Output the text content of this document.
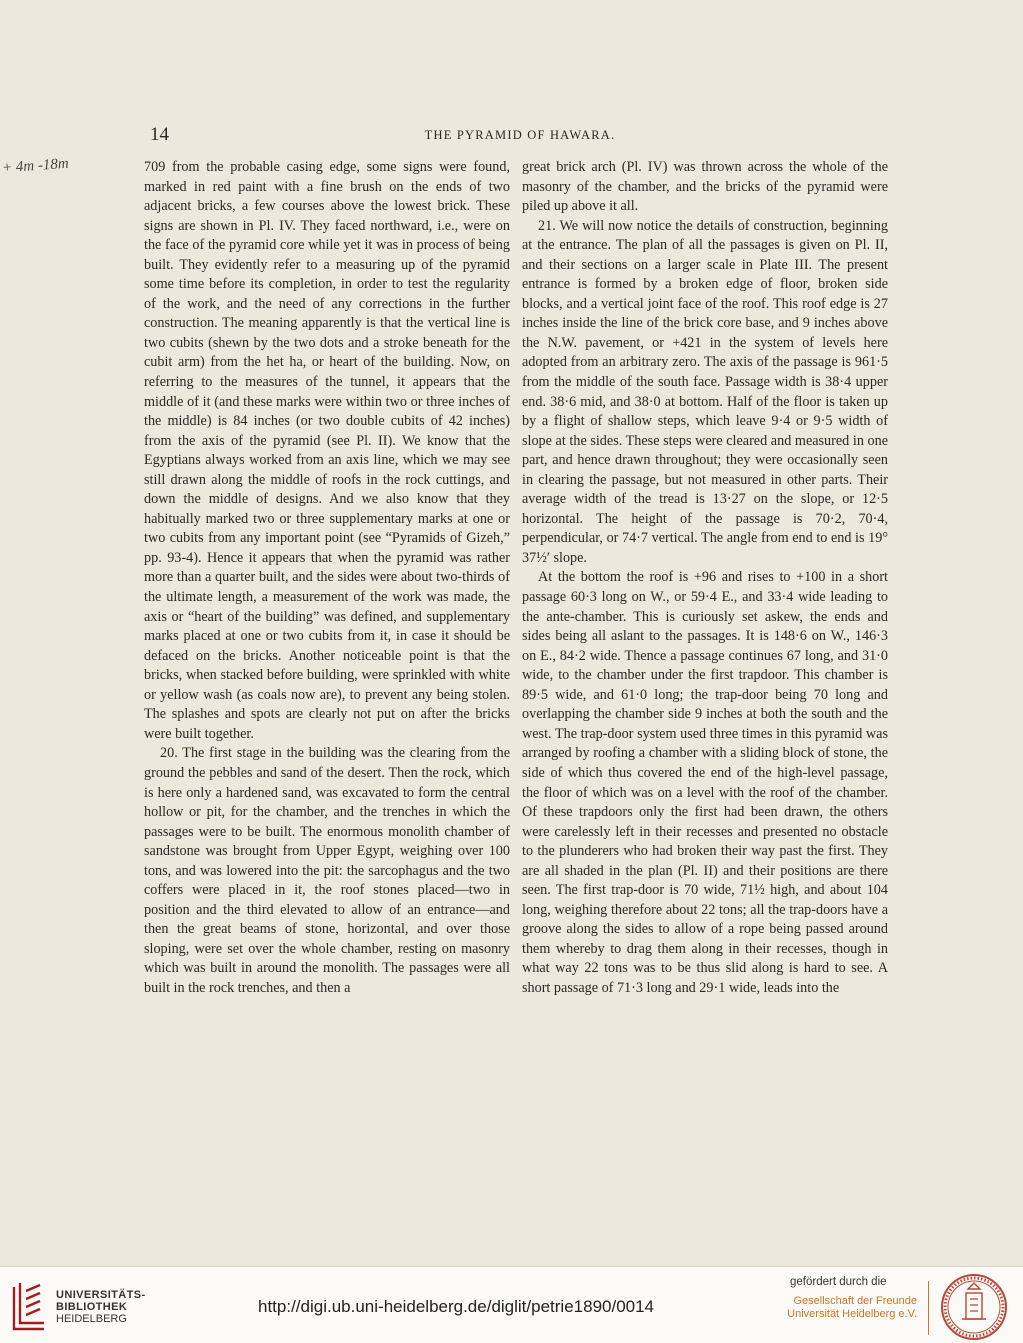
14	THE PYRAMID OF HAWARA.
+ 4m -18m	709 from the probable casing edge, some signs were found, marked in red paint with a fine brush on the ends of two adjacent bricks, a few courses above the lowest brick. These signs are shown in Pl. IV. They faced northward, i.e., were on the face of the pyramid core while yet it was in process of being built. They evidently refer to a measuring up of the pyramid some time before its completion, in order to test the regularity of the work, and the need of any corrections in the further construction. The meaning apparently is that the vertical line is two cubits (shewn by the two dots and a stroke beneath for the cubit arm) from the het ha, or heart of the building. Now, on referring to the measures of the tunnel, it appears that the middle of it (and these marks were within two or three inches of the middle) is 84 inches (or two double cubits of 42 inches) from the axis of the pyramid (see Pl. II). We know that the Egyptians always worked from an axis line, which we may see still drawn along the middle of roofs in the rock cuttings, and down the middle of designs. And we also know that they habitually marked two or three supplementary marks at one or two cubits from any important point (see “Pyramids of Gizeh,” pp. 93-4). Hence it appears that when the pyramid was rather more than a quarter built, and the sides were about two-thirds of the ultimate length, a measurement of the work was made, the axis or “heart of the building” was defined, and supplementary marks placed at one or two cubits from it, in case it should be defaced on the bricks. Another noticeable point is that the bricks, when stacked before building, were sprinkled with white or yellow wash (as coals now are), to prevent any being stolen. The splashes and spots are clearly not put on after the bricks were built together.

20. The first stage in the building was the clearing from the ground the pebbles and sand of the desert. Then the rock, which is here only a hardened sand, was excavated to form the central hollow or pit, for the chamber, and the trenches in which the passages were to be built. The enormous monolith chamber of sandstone was brought from Upper Egypt, weighing over 100 tons, and was lowered into the pit: the sarcophagus and the two coffers were placed in it, the roof stones placed—two in position and the third elevated to allow of an entrance—and then the great beams of stone, horizontal, and over those sloping, were set over the whole chamber, resting on masonry which was built in around the monolith. The passages were all built in the rock trenches, and then a

great brick arch (Pl. IV) was thrown across the whole of the masonry of the chamber, and the bricks of the pyramid were piled up above it all.

21. We will now notice the details of construction, beginning at the entrance. The plan of all the passages is given on Pl. II, and their sections on a larger scale in Plate III. The present entrance is formed by a broken edge of floor, broken side blocks, and a vertical joint face of the roof. This roof edge is 27 inches inside the line of the brick core base, and 9 inches above the N.W. pavement, or +421 in the system of levels here adopted from an arbitrary zero. The axis of the passage is 961·5 from the middle of the south face. Passage width is 38·4 upper end. 38·6 mid, and 38·0 at bottom. Half of the floor is taken up by a flight of shallow steps, which leave 9·4 or 9·5 width of slope at the sides. These steps were cleared and measured in one part, and hence drawn throughout; they were occasionally seen in clearing the passage, but not measured in other parts. Their average width of the tread is 13·27 on the slope, or 12·5 horizontal. The height of the passage is 70·2, 70·4, perpendicular, or 74·7 vertical. The angle from end to end is 19° 37½′ slope.

At the bottom the roof is +96 and rises to +100 in a short passage 60·3 long on W., or 59·4 E., and 33·4 wide leading to the ante-chamber. This is curiously set askew, the ends and sides being all aslant to the passages. It is 148·6 on W., 146·3 on E., 84·2 wide. Thence a passage continues 67 long, and 31·0 wide, to the chamber under the first trapdoor. This chamber is 89·5 wide, and 61·0 long; the trap-door being 70 long and overlapping the chamber side 9 inches at both the south and the west. The trap-door system used three times in this pyramid was arranged by roofing a chamber with a sliding block of stone, the side of which thus covered the end of the high-level passage, the floor of which was on a level with the roof of the chamber. Of these trapdoors only the first had been drawn, the others were carelessly left in their recesses and presented no obstacle to the plunderers who had broken their way past the first. They are all shaded in the plan (Pl. II) and their positions are there seen. The first trap-door is 70 wide, 71½ high, and about 104 long, weighing therefore about 22 tons; all the trap-doors have a groove along the sides to allow of a rope being passed around them whereby to drag them along in their recesses, though in what way 22 tons was to be thus slid along is hard to see. A short passage of 71·3 long and 29·1 wide, leads into the

UNIVERSITÄTS-
BIBLIOTHEK
HEIDELBERG
http://digi.ub.uni-heidelberg.de/diglit/petrie1890/0014
gefördert durch die
Gesellschaft der Freunde
Universität Heidelberg e.V.
